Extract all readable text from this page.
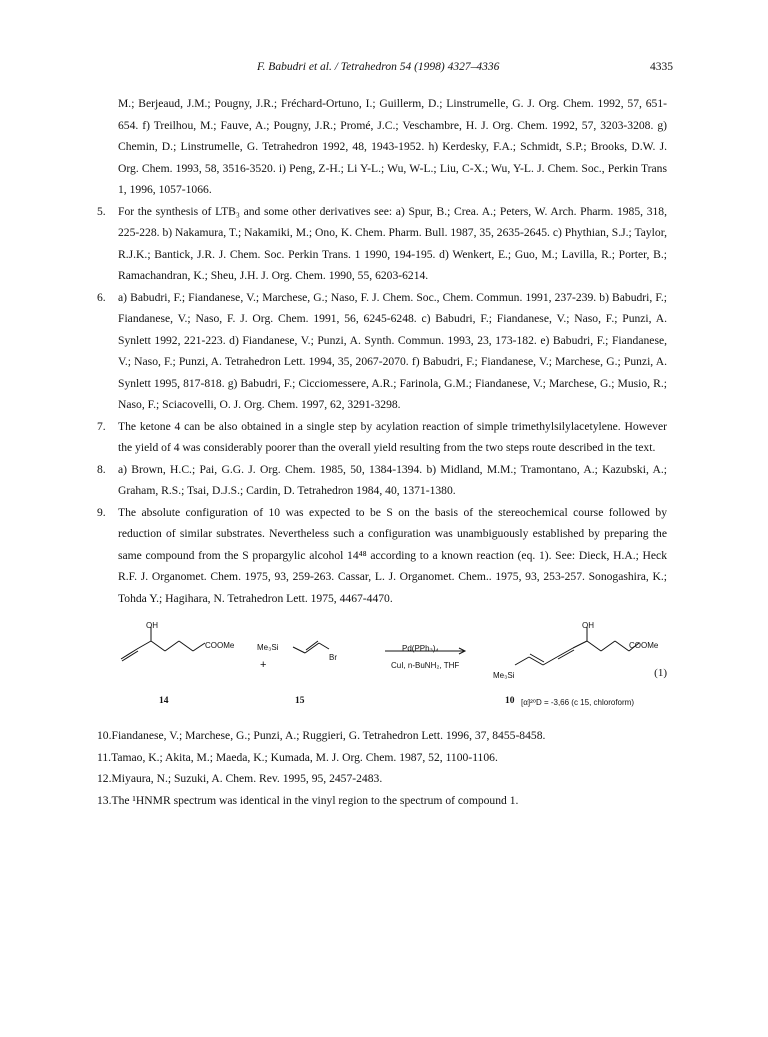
F. Babudri et al. / Tetrahedron 54 (1998) 4327–4336	4335
M.; Berjeaud, J.M.; Pougny, J.R.; Fréchard-Ortuno, I.; Guillerm, D.; Linstrumelle, G. J. Org. Chem. 1992, 57, 651-654. f) Treilhou, M.; Fauve, A.; Pougny, J.R.; Promé, J.C.; Veschambre, H. J. Org. Chem. 1992, 57, 3203-3208. g) Chemin, D.; Linstrumelle, G. Tetrahedron 1992, 48, 1943-1952. h) Kerdesky, F.A.; Schmidt, S.P.; Brooks, D.W. J. Org. Chem. 1993, 58, 3516-3520. i) Peng, Z-H.; Li Y-L.; Wu, W-L.; Liu, C-X.; Wu, Y-L. J. Chem. Soc., Perkin Trans 1, 1996, 1057-1066.
5. For the synthesis of LTB₃ and some other derivatives see: a) Spur, B.; Crea. A.; Peters, W. Arch. Pharm. 1985, 318, 225-228. b) Nakamura, T.; Nakamiki, M.; Ono, K. Chem. Pharm. Bull. 1987, 35, 2635-2645. c) Phythian, S.J.; Taylor, R.J.K.; Bantick, J.R. J. Chem. Soc. Perkin Trans. 1 1990, 194-195. d) Wenkert, E.; Guo, M.; Lavilla, R.; Porter, B.; Ramachandran, K.; Sheu, J.H. J. Org. Chem. 1990, 55, 6203-6214.
6. a) Babudri, F.; Fiandanese, V.; Marchese, G.; Naso, F. J. Chem. Soc., Chem. Commun. 1991, 237-239. b) Babudri, F.; Fiandanese, V.; Naso, F. J. Org. Chem. 1991, 56, 6245-6248. c) Babudri, F.; Fiandanese, V.; Naso, F.; Punzi, A. Synlett 1992, 221-223. d) Fiandanese, V.; Punzi, A. Synth. Commun. 1993, 23, 173-182. e) Babudri, F.; Fiandanese, V.; Naso, F.; Punzi, A. Tetrahedron Lett. 1994, 35, 2067-2070. f) Babudri, F.; Fiandanese, V.; Marchese, G.; Punzi, A. Synlett 1995, 817-818. g) Babudri, F.; Cicciomessere, A.R.; Farinola, G.M.; Fiandanese, V.; Marchese, G.; Musio, R.; Naso, F.; Sciacovelli, O. J. Org. Chem. 1997, 62, 3291-3298.
7. The ketone 4 can be also obtained in a single step by acylation reaction of simple trimethylsilylacetylene. However the yield of 4 was considerably poorer than the overall yield resulting from the two steps route described in the text.
8. a) Brown, H.C.; Pai, G.G. J. Org. Chem. 1985, 50, 1384-1394. b) Midland, M.M.; Tramontano, A.; Kazubski, A.; Graham, R.S.; Tsai, D.J.S.; Cardin, D. Tetrahedron 1984, 40, 1371-1380.
9. The absolute configuration of 10 was expected to be S on the basis of the stereochemical course followed by reduction of similar substrates. Nevertheless such a configuration was unambiguously established by preparing the same compound from the S propargylic alcohol 14⁴⁸ according to a known reaction (eq. 1). See: Dieck, H.A.; Heck R.F. J. Organomet. Chem. 1975, 93, 259-263. Cassar, L. J. Organomet. Chem.. 1975, 93, 253-257. Sonogashira, K.; Tohda Y.; Hagihara, N. Tetrahedron Lett. 1975, 4467-4470.
OH
COOMe	Me₃Si
Br
+
Pd(PPh₃)₄
CuI, n-BuNH₂, THF
OH
COOMe
Me₃Si
14	15	10 [α]²⁰D = -3,66 (c 15, chloroform)
(1)
10.Fiandanese, V.; Marchese, G.; Punzi, A.; Ruggieri, G. Tetrahedron Lett. 1996, 37, 8455-8458.
11.Tamao, K.; Akita, M.; Maeda, K.; Kumada, M. J. Org. Chem. 1987, 52, 1100-1106.
12.Miyaura, N.; Suzuki, A. Chem. Rev. 1995, 95, 2457-2483.
13.The ¹HNMR spectrum was identical in the vinyl region to the spectrum of compound 1.
